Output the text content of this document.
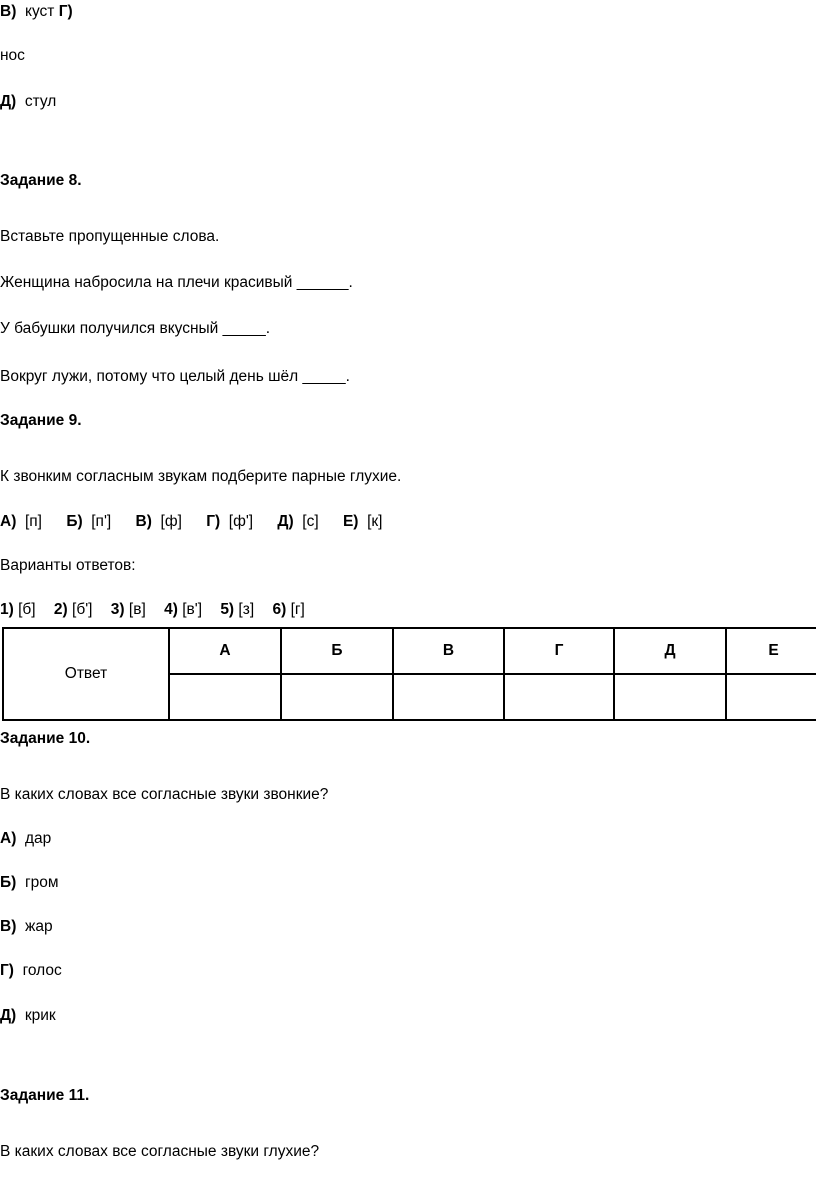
В) куст Г)
нос
Д) стул
Задание 8.
Вставьте пропущенные слова.
Женщина набросила на плечи красивый ______.
У бабушки получился вкусный _____.
Вокруг лужи, потому что целый день шёл _____.
Задание 9.
К звонким согласным звукам подберите парные глухие.
А) [п] Б) [п'] В) [ф] Г) [ф'] Д) [с] Е) [к]
Варианты ответов:
1) [б] 2) [б'] 3) [в] 4) [в'] 5) [з] 6) [г]
Ответ	А	Б	В	Г	Д	Е

Задание 10.
В каких словах все согласные звуки звонкие?
А) дар
Б) гром
В) жар
Г) голос
Д) крик
Задание 11.
В каких словах все согласные звуки глухие?
